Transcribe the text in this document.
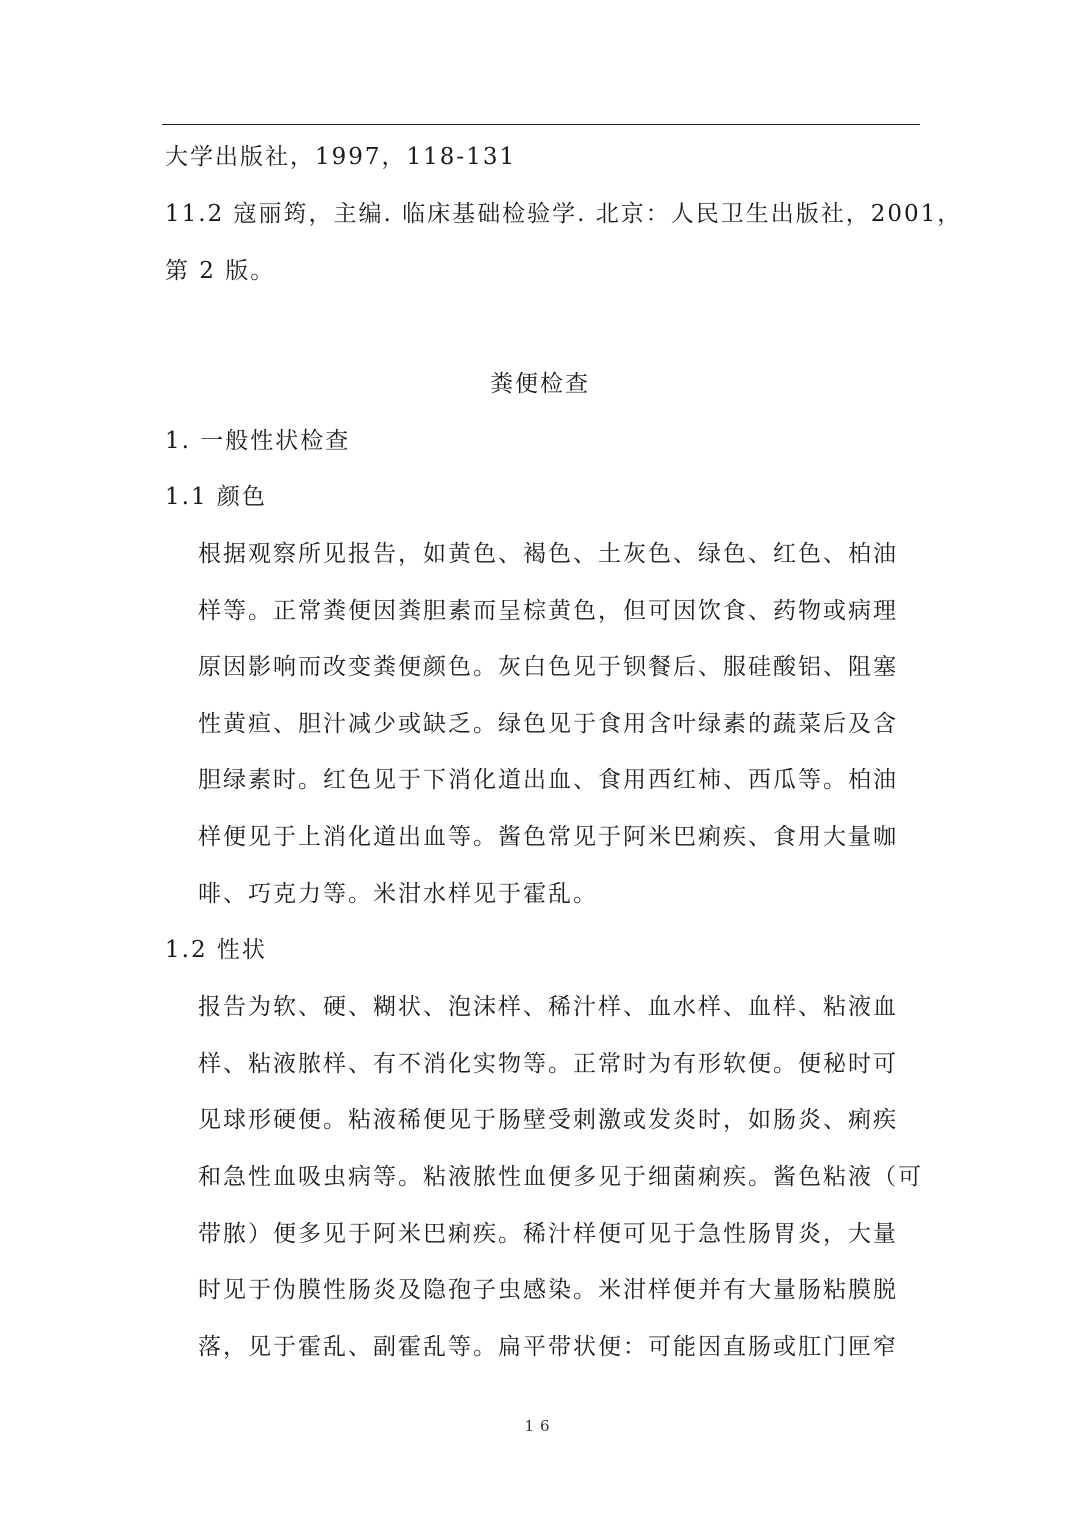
大学出版社，1997，118-131
11.2 寇丽筠，主编. 临床基础检验学. 北京：人民卫生出版社，2001，
第 2 版。
粪便检查
1. 一般性状检查
1.1 颜色
根据观察所见报告，如黄色、褐色、土灰色、绿色、红色、柏油
样等。正常粪便因粪胆素而呈棕黄色，但可因饮食、药物或病理
原因影响而改变粪便颜色。灰白色见于钡餐后、服硅酸铝、阻塞
性黄疸、胆汁减少或缺乏。绿色见于食用含叶绿素的蔬菜后及含
胆绿素时。红色见于下消化道出血、食用西红柿、西瓜等。柏油
样便见于上消化道出血等。酱色常见于阿米巴痢疾、食用大量咖
啡、巧克力等。米泔水样见于霍乱。
1.2 性状
报告为软、硬、糊状、泡沫样、稀汁样、血水样、血样、粘液血
样、粘液脓样、有不消化实物等。正常时为有形软便。便秘时可
见球形硬便。粘液稀便见于肠壁受刺激或发炎时，如肠炎、痢疾
和急性血吸虫病等。粘液脓性血便多见于细菌痢疾。酱色粘液（可
带脓）便多见于阿米巴痢疾。稀汁样便可见于急性肠胃炎，大量
时见于伪膜性肠炎及隐孢子虫感染。米泔样便并有大量肠粘膜脱
落，见于霍乱、副霍乱等。扁平带状便：可能因直肠或肛门匣窄
16
